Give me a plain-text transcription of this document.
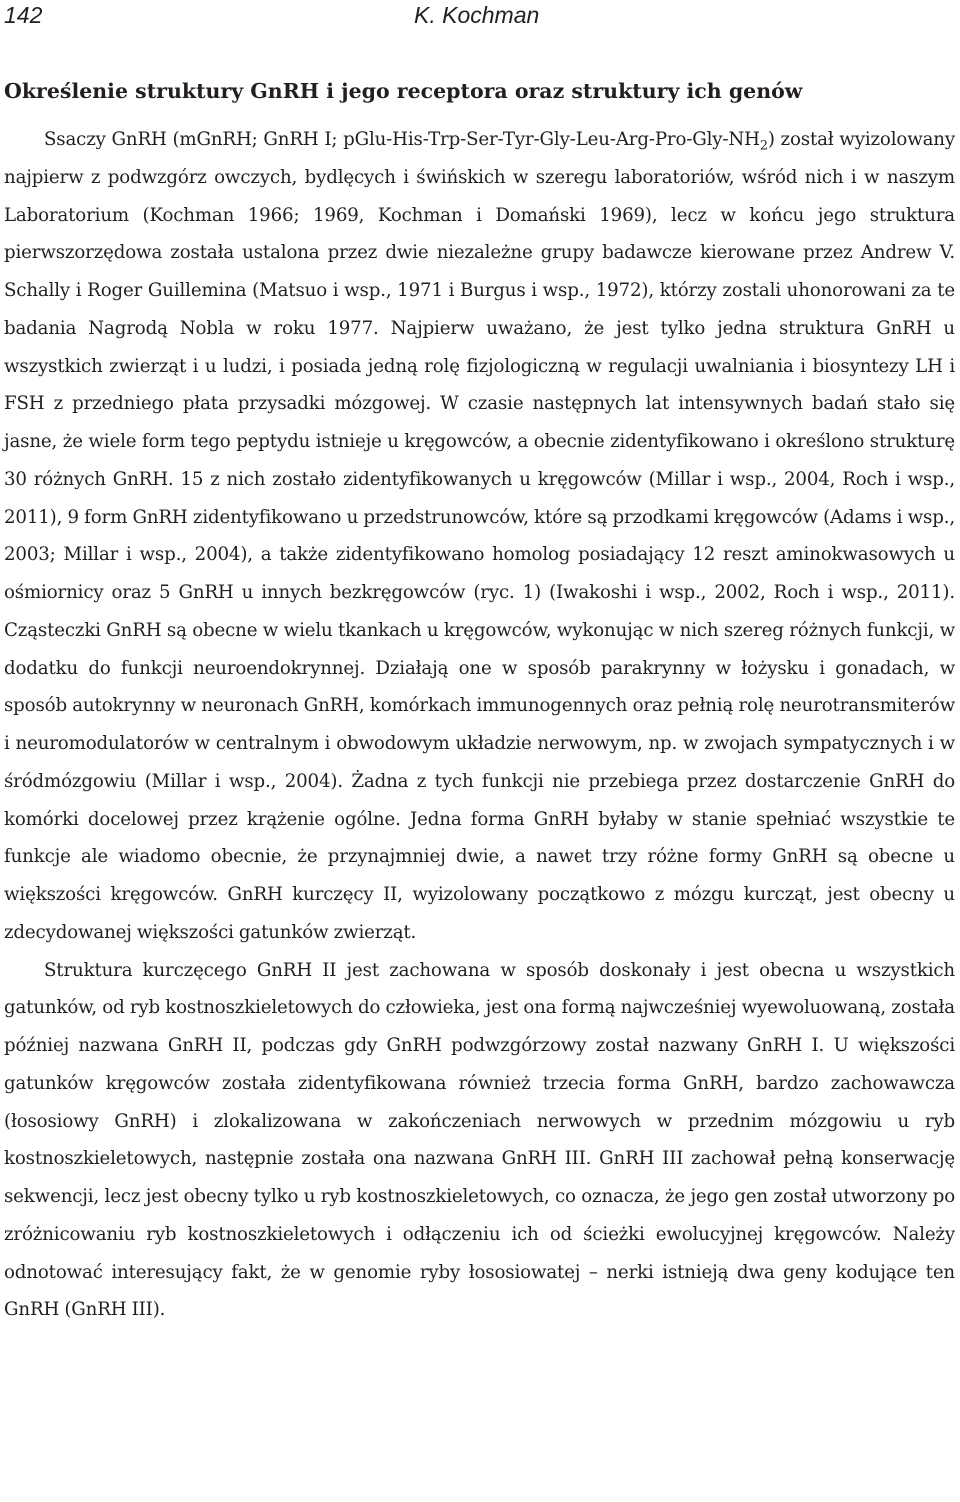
142	K. Kochman
Określenie struktury GnRH i jego receptora oraz struktury ich genów

Ssaczy GnRH (mGnRH; GnRH I; pGlu-$His-Trp-Ser-Tyr-Gly-Leu-Arg-Pro-Gly-NH_2$) został wyizolowany najpierw z podwzgórz owczych, bydlęcych i świńskich w szeregu laboratoriów, wśród nich i w naszym Laboratorium (Kochman 1966; 1969, Kochman i Domański 1969), lecz w końcu jego struktura pierwszorzędowa została ustalona przez dwie niezależne grupy badawcze kierowane przez Andrew V. Schally i Roger Guillemina (Matsuo i wsp., 1971 i Burgus i wsp., 1972), którzy zostali uhonorowani za te badania Nagrodą Nobla w roku 1977. Najpierw uważano, że jest tylko jedna struktura GnRH u wszystkich zwierząt i u ludzi, i posiada jedną rolę fizjologiczną w regulacji uwalniania i biosyntezy LH i FSH z przedniego płata przysadki mózgowej. W czasie następnych lat intensywnych badań stało się jasne, że wiele form tego peptydu istnieje u kręgowców, a obecnie zidentyfikowano i określono strukturę 30 różnych GnRH. 15 z nich zostało zidentyfikowanych u kręgowców (Millar i wsp., 2004, Roch i wsp., 2011), 9 form GnRH zidentyfikowano u przedstrunowców, które są przodkami kręgowców (Adams i wsp., 2003; Millar i wsp., 2004), a także zidentyfikowano homolog posiadający 12 reszt aminokwasowych u ośmiornicy oraz 5 GnRH u innych bezkręgowców (ryc. 1) (Iwakoshi i wsp., 2002, Roch i wsp., 2011). Cząsteczki GnRH są obecne w wielu tkankach u kręgowców, wykonując w nich szereg różnych funkcji, w dodatku do funkcji neuroendokrynnej. Działają one w sposób parakrynny w łożysku i gonadach, w sposób autokrynny w neuronach GnRH, komórkach immunogennych oraz pełnią rolę neurotransmiterów i neuromodulatorów w centralnym i obwodowym układzie nerwowym, np. w zwojach sympatycznych i w śródmózgowiu (Millar i wsp., 2004). Żadna z tych funkcji nie przebiega przez dostarczenie GnRH do komórki docelowej przez krążenie ogólne. Jedna forma GnRH byłaby w stanie spełniać wszystkie te funkcje ale wiadomo obecnie, że przynajmniej dwie, a nawet trzy różne formy GnRH są obecne u większości kręgowców. GnRH kurczęcy II, wyizolowany początkowo z mózgu kurcząt, jest obecny u zdecydowanej większości gatunków zwierząt.

Struktura kurczęcego GnRH II jest zachowana w sposób doskonały i jest obecna u wszystkich gatunków, od ryb kostnoszkieletowych do człowieka, jest ona formą najwcześniej wyewoluowaną, została później nazwana GnRH II, podczas gdy GnRH podwzgórzowy został nazwany GnRH I. U większości gatunków kręgowców została zidentyfikowana również trzecia forma GnRH, bardzo zachowawcza (łososiowy GnRH) i zlokalizowana w zakończeniach nerwowych w przednim mózgowiu u ryb kostnoszkieletowych, następnie została ona nazwana GnRH III. GnRH III zachował pełną konserwację sekwencji, lecz jest obecny tylko u ryb kostnoszkieletowych, co oznacza, że jego gen został utworzony po zróżnicowaniu ryb kostnoszkieletowych i odłączeniu ich od ścieżki ewolucyjnej kręgowców. Należy odnotować interesujący fakt, że w genomie ryby łososiowatej – nerki istnieją dwa geny kodujące ten GnRH (GnRH III).
